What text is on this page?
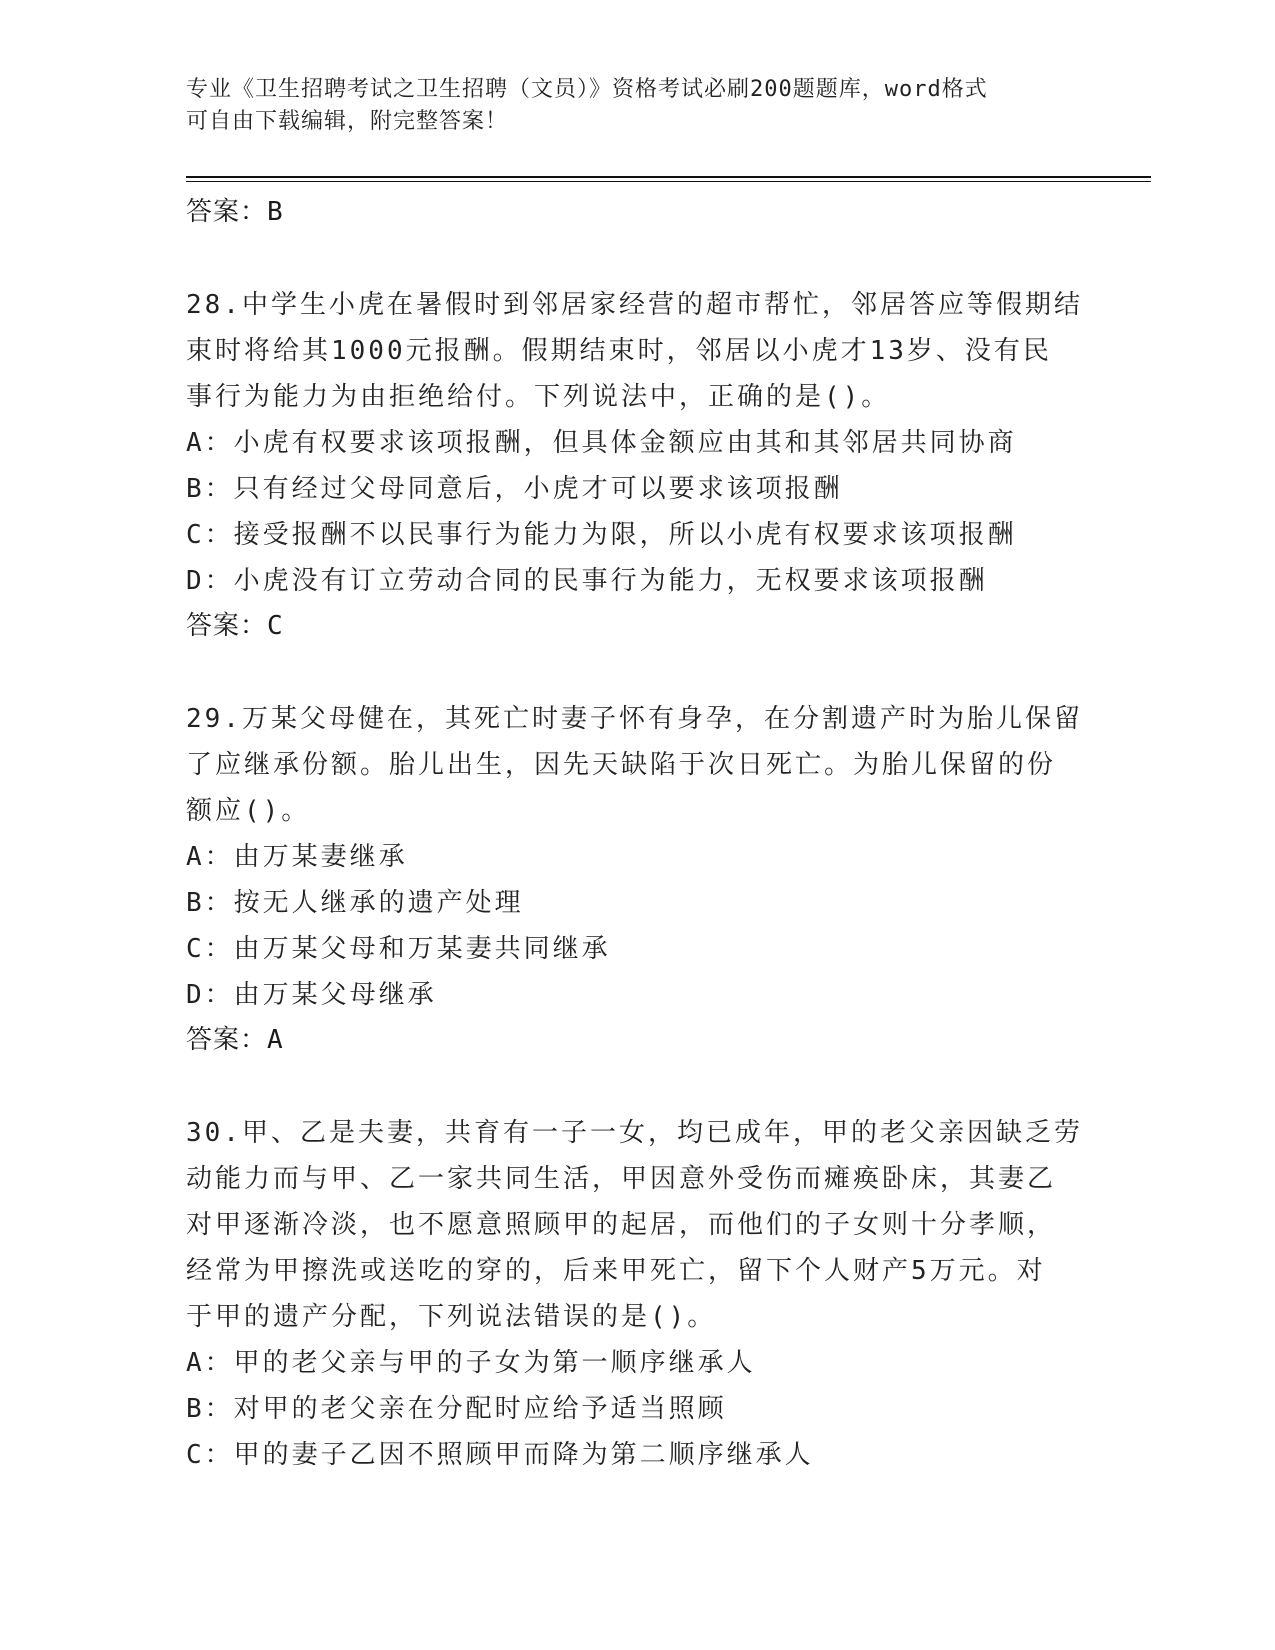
专业《卫生招聘考试之卫生招聘（文员）》资格考试必刷200题题库，word格式
可自由下载编辑，附完整答案！
答案：B
28.中学生小虎在暑假时到邻居家经营的超市帮忙，邻居答应等假期结
束时将给其1000元报酬。假期结束时，邻居以小虎才13岁、没有民
事行为能力为由拒绝给付。下列说法中，正确的是()。
A：小虎有权要求该项报酬，但具体金额应由其和其邻居共同协商
B：只有经过父母同意后，小虎才可以要求该项报酬
C：接受报酬不以民事行为能力为限，所以小虎有权要求该项报酬
D：小虎没有订立劳动合同的民事行为能力，无权要求该项报酬
答案：C
29.万某父母健在，其死亡时妻子怀有身孕，在分割遗产时为胎儿保留
了应继承份额。胎儿出生，因先天缺陷于次日死亡。为胎儿保留的份
额应()。
A：由万某妻继承
B：按无人继承的遗产处理
C：由万某父母和万某妻共同继承
D：由万某父母继承
答案：A
30.甲、乙是夫妻，共育有一子一女，均已成年，甲的老父亲因缺乏劳
动能力而与甲、乙一家共同生活，甲因意外受伤而瘫痪卧床，其妻乙
对甲逐渐冷淡，也不愿意照顾甲的起居，而他们的子女则十分孝顺，
经常为甲擦洗或送吃的穿的，后来甲死亡，留下个人财产5万元。对
于甲的遗产分配，下列说法错误的是()。
A：甲的老父亲与甲的子女为第一顺序继承人
B：对甲的老父亲在分配时应给予适当照顾
C：甲的妻子乙因不照顾甲而降为第二顺序继承人
